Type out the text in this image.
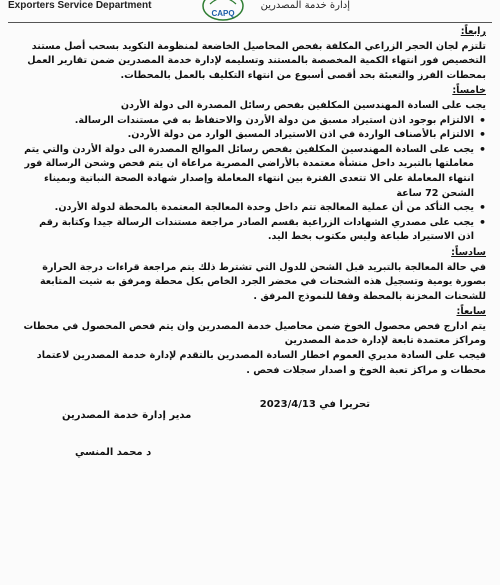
Exporters Service Department
CAPQ
إدارة خدمة المصدرين
رابعاً:
تلتزم لجان الحجر الزراعي المكلفة بفحص المحاصيل الخاضعة لمنظومة التكويد بسحب أصل مستند التخصيص فور انتهاء الكمية المخصصة بالمستند وتسليمه لإدارة خدمة المصدرين ضمن تقارير العمل بمحطات الفرز والتعبئة بحد أقصى أسبوع من انتهاء التكليف بالعمل بالمحطات.
خامساً:
يجب على السادة المهندسين المكلفين بفحص رسائل المصدرة الى دولة الأردن
• الالتزام بوجود اذن استيراد مسبق من دولة الأردن والاحتفاظ به في مستندات الرسالة.
• الالتزام بالأصناف الواردة في اذن الاستيراد المسبق الوارد من دولة الأردن.
• يجب على السادة المهندسين المكلفين بفحص رسائل الموالح المصدرة الى دولة الأردن والتي يتم معاملتها بالتبريد داخل منشأة معتمدة بالأراضي المصرية مراعاة ان يتم فحص وشحن الرسالة فور انتهاء المعاملة على الا تتعدى الفترة بين انتهاء المعاملة وإصدار شهادة الصحة النباتية وبميناء الشحن 72 ساعة
• يجب التأكد من أن عملية المعالجة تتم داخل وحدة المعالجة المعتمدة بالمحطة لدولة الأردن.
• يجب على مصدري الشهادات الزراعية بقسم الصادر مراجعة مستندات الرسالة جيدا وكتابة رقم اذن الاستيراد طباعة وليس مكتوب بخط اليد.
سادساً:
في حالة المعالجة بالتبريد قبل الشحن للدول التي تشترط ذلك يتم مراجعة قراءات درجة الحرارة بصورة يومية وتسجيل هذه الشحنات في محضر الجرد الخاص بكل محطة ومرفق به شيت المتابعة للشحنات المخزنة بالمحطة وفقا للنموذج المرفق .
سابعاً:
يتم ادارج فحص محصول الخوخ ضمن محاصيل خدمة المصدرين وان يتم فحص المحصول في محطات ومراكز معتمدة تابعة لإدارة خدمة المصدرين
فيجب على السادة مديري العموم اخطار السادة المصدرين بالتقدم لإدارة خدمة المصدرين لاعتماد محطات و مراكز تعبة الخوخ و اصدار سجلات فحص .
تحريرا في 2023/4/13
مدير إدارة خدمة المصدرين
د محمد المنسي
